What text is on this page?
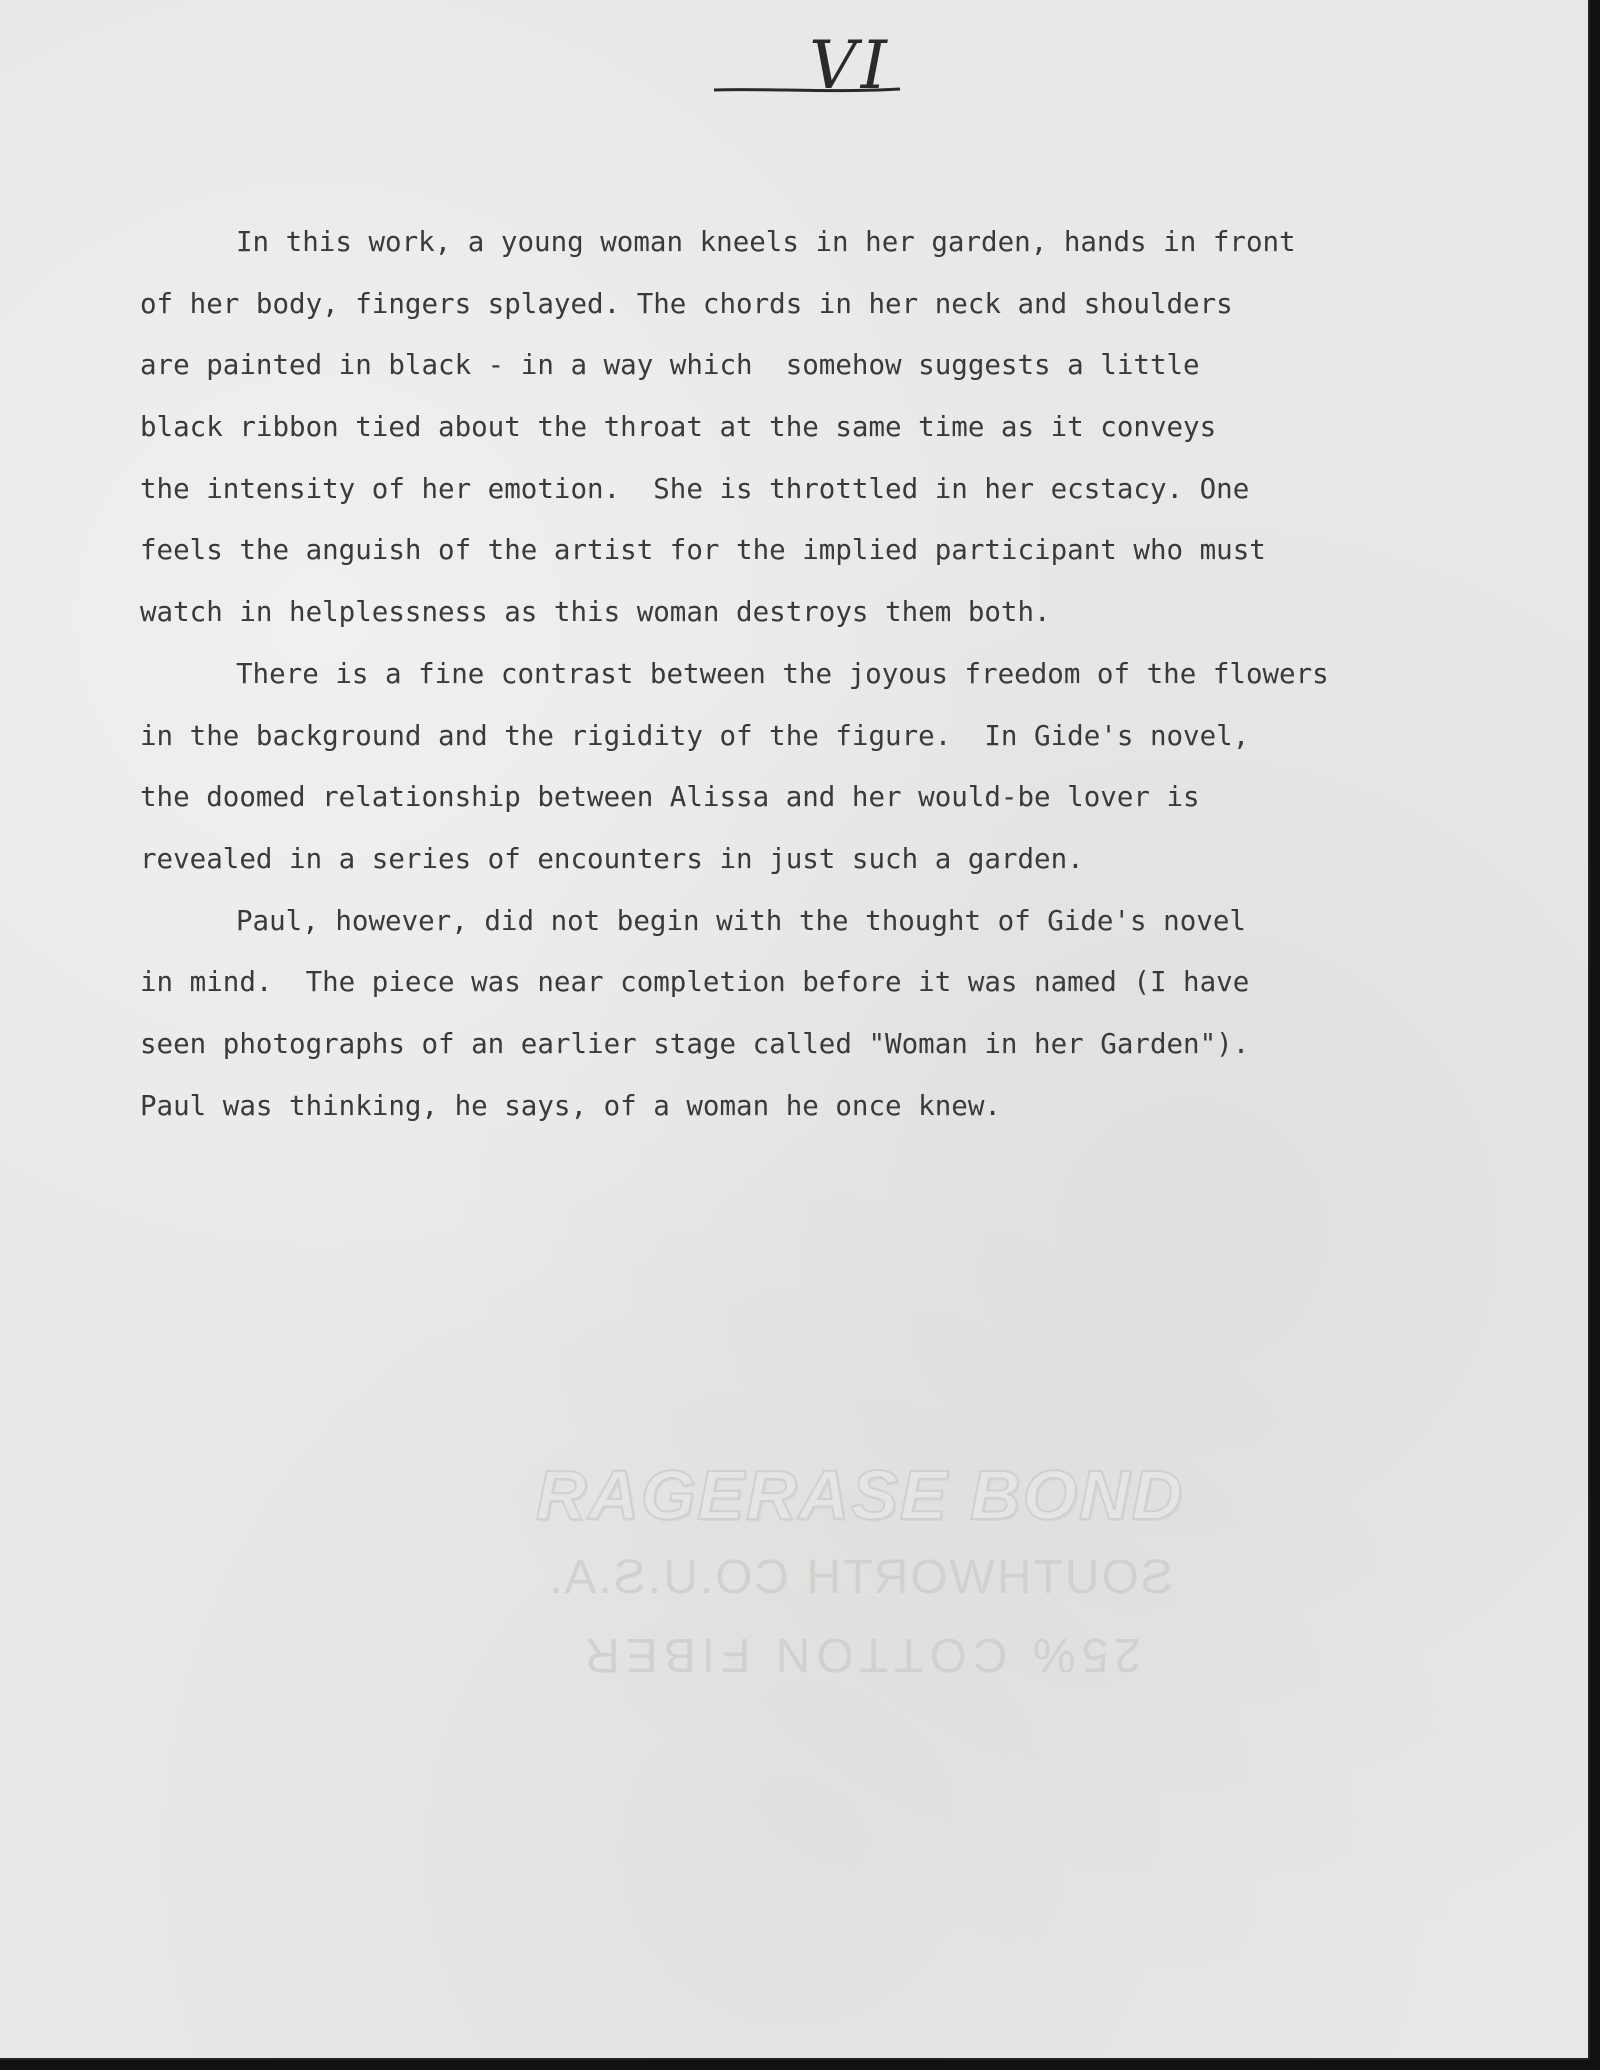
VI
In this work, a young woman kneels in her garden, hands in front
of her body, fingers splayed. The chords in her neck and shoulders
are painted in black - in a way which  somehow suggests a little
black ribbon tied about the throat at the same time as it conveys
the intensity of her emotion.  She is throttled in her ecstacy. One
feels the anguish of the artist for the implied participant who must
watch in helplessness as this woman destroys them both.
There is a fine contrast between the joyous freedom of the flowers
in the background and the rigidity of the figure.  In Gide's novel,
the doomed relationship between Alissa and her would-be lover is
revealed in a series of encounters in just such a garden.
Paul, however, did not begin with the thought of Gide's novel
in mind.  The piece was near completion before it was named (I have
seen photographs of an earlier stage called "Woman in her Garden").
Paul was thinking, he says, of a woman he once knew.
RAGERASE BOND
SOUTHWORTH CO.U.S.A.
25% COTTON FIBER
